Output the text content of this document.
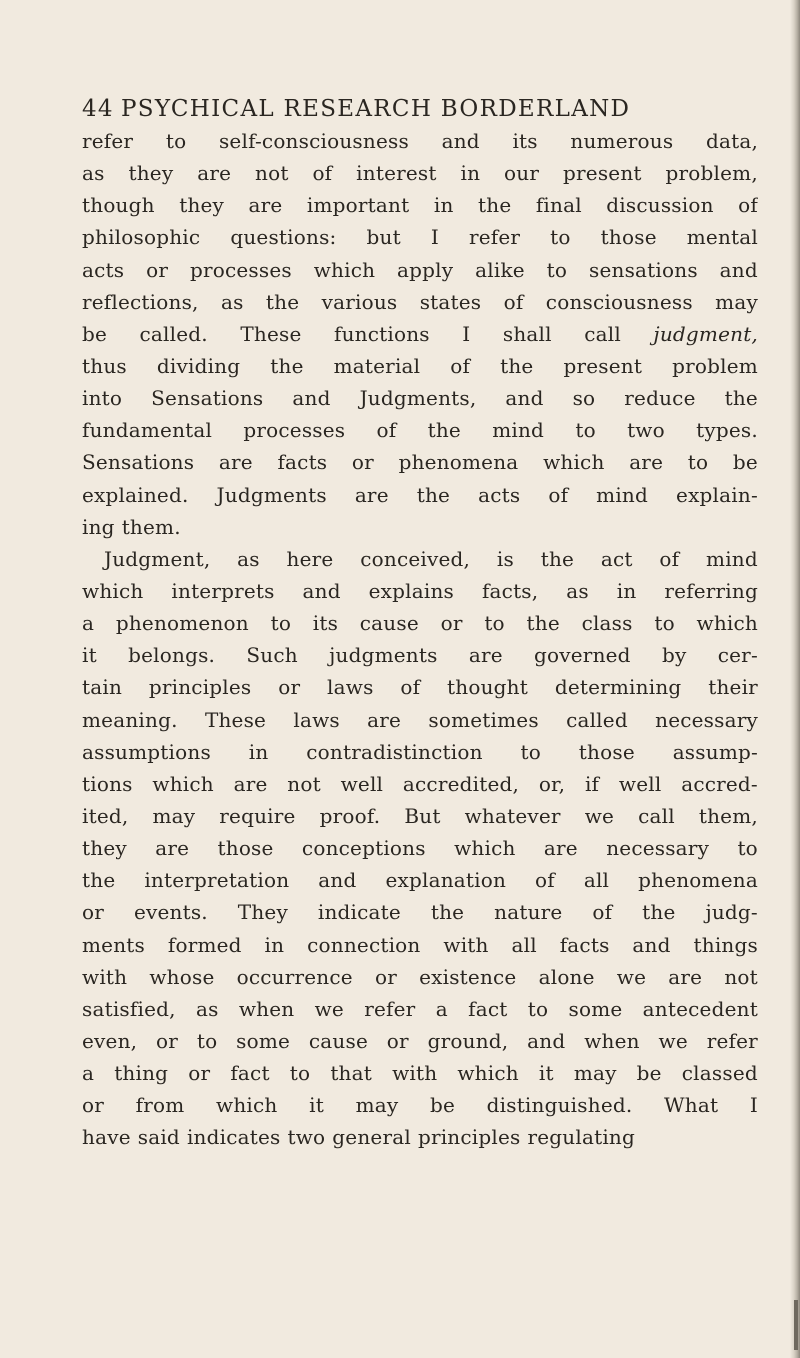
44 PSYCHICAL RESEARCH BORDERLAND
refer to self-consciousness and its numerous data,
as they are not of interest in our present problem,
though they are important in the final discussion of
philosophic questions: but I refer to those mental
acts or processes which apply alike to sensations and
reflections, as the various states of consciousness may
be called. These functions I shall call judgment,
thus dividing the material of the present problem
into Sensations and Judgments, and so reduce the
fundamental processes of the mind to two types.
Sensations are facts or phenomena which are to be
explained. Judgments are the acts of mind explain-
ing them.
Judgment, as here conceived, is the act of mind
which interprets and explains facts, as in referring
a phenomenon to its cause or to the class to which
it belongs. Such judgments are governed by cer-
tain principles or laws of thought determining their
meaning. These laws are sometimes called necessary
assumptions in contradistinction to those assump-
tions which are not well accredited, or, if well accred-
ited, may require proof. But whatever we call them,
they are those conceptions which are necessary to
the interpretation and explanation of all phenomena
or events. They indicate the nature of the judg-
ments formed in connection with all facts and things
with whose occurrence or existence alone we are not
satisfied, as when we refer a fact to some antecedent
even, or to some cause or ground, and when we refer
a thing or fact to that with which it may be classed
or from which it may be distinguished. What I
have said indicates two general principles regulating
